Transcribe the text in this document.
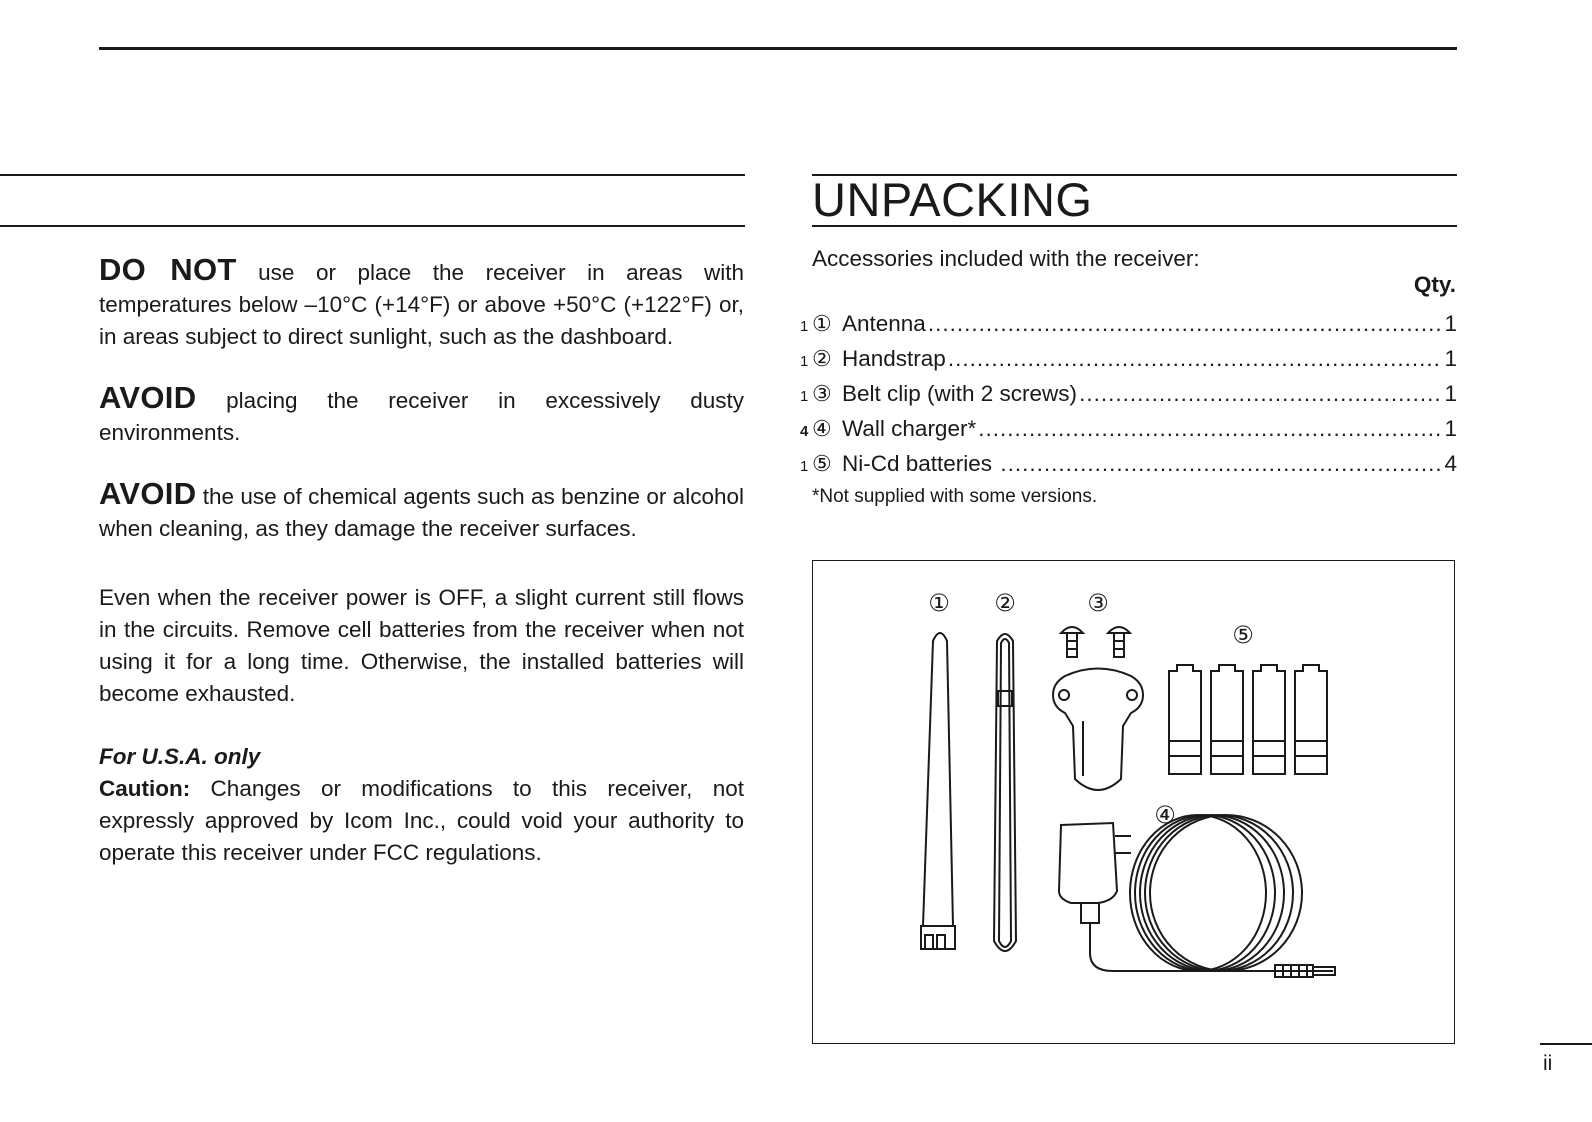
DO NOT use or place the receiver in areas with temperatures below –10°C (+14°F) or above +50°C (+122°F) or, in areas subject to direct sunlight, such as the dashboard.

AVOID placing the receiver in excessively dusty environments.

AVOID the use of chemical agents such as benzine or alcohol when cleaning, as they damage the receiver surfaces.

Even when the receiver power is OFF, a slight current still flows in the circuits. Remove cell batteries from the receiver when not using it for a long time. Otherwise, the installed batteries will become exhausted.

For U.S.A. only

Caution: Changes or modifications to this receiver, not expressly approved by Icom Inc., could void your authority to operate this receiver under FCC regulations.

UNPACKING
Accessories included with the receiver:
Qty.
1 ① Antenna .....	1
1 ② Handstrap .....	1
1 ③ Belt clip (with 2 screws) .....	1
4 ④ Wall charger* .....	1
1 ⑤ Ni-Cd batteries .....	4
*Not supplied with some versions.
① ②	③
⑤
④
ii
